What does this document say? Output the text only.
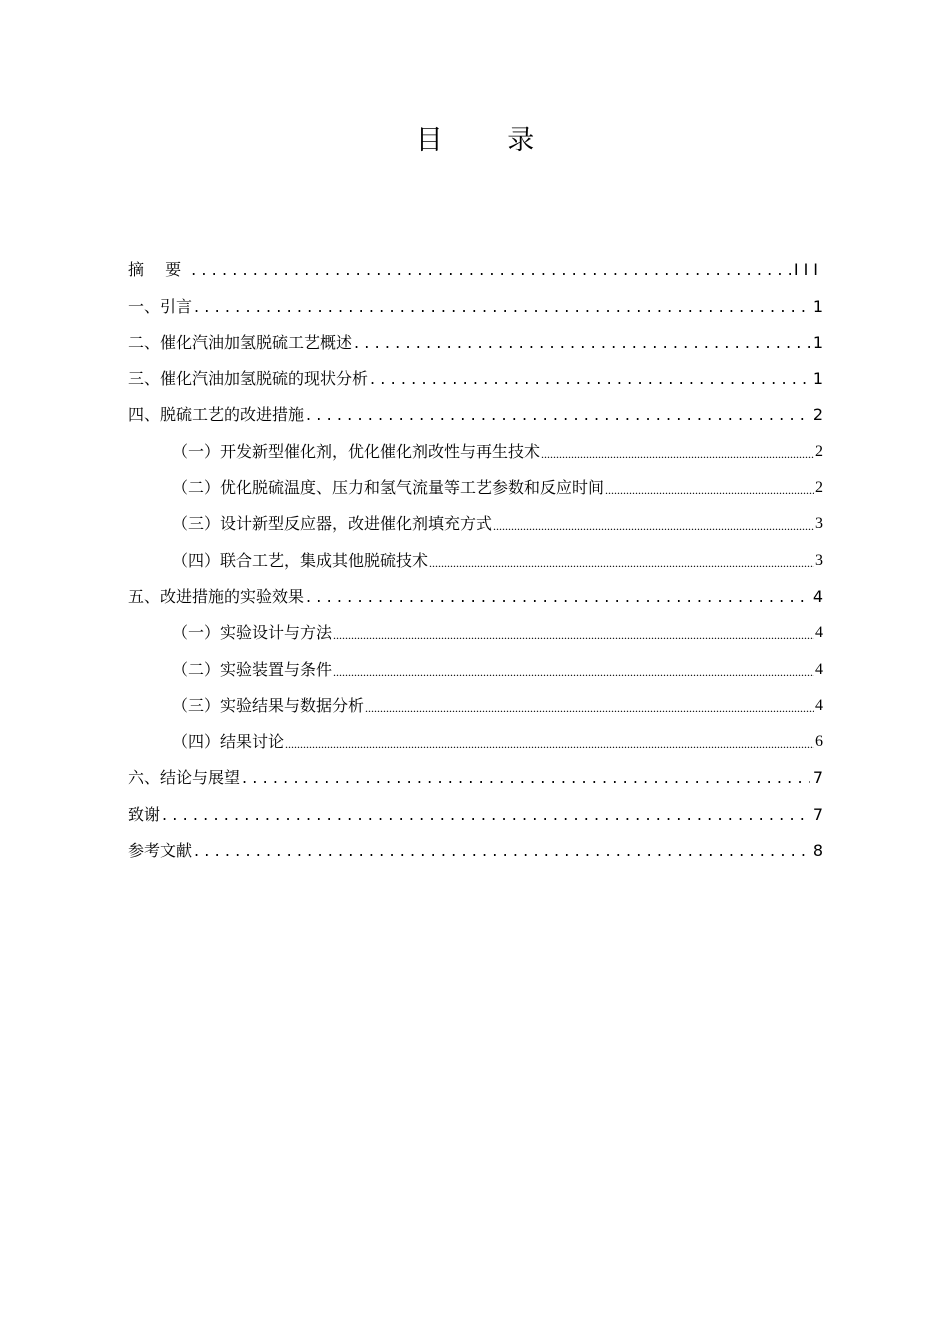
目 录
摘 要 .....	III
一、引言 .....	1
二、催化汽油加氢脱硫工艺概述 .....	1
三、催化汽油加氢脱硫的现状分析 .....	1
四、脱硫工艺的改进措施 .....	2
（一）开发新型催化剂，优化催化剂改性与再生技术 .....	2
（二）优化脱硫温度、压力和氢气流量等工艺参数和反应时间 .....	2
（三）设计新型反应器，改进催化剂填充方式 .....	3
（四）联合工艺，集成其他脱硫技术 .....	3
五、改进措施的实验效果 .....	4
（一）实验设计与方法 .....	4
（二）实验装置与条件 .....	4
（三）实验结果与数据分析 .....	4
（四）结果讨论 .....	6
六、结论与展望 .....	7
致谢 .....	7
参考文献 .....	8
